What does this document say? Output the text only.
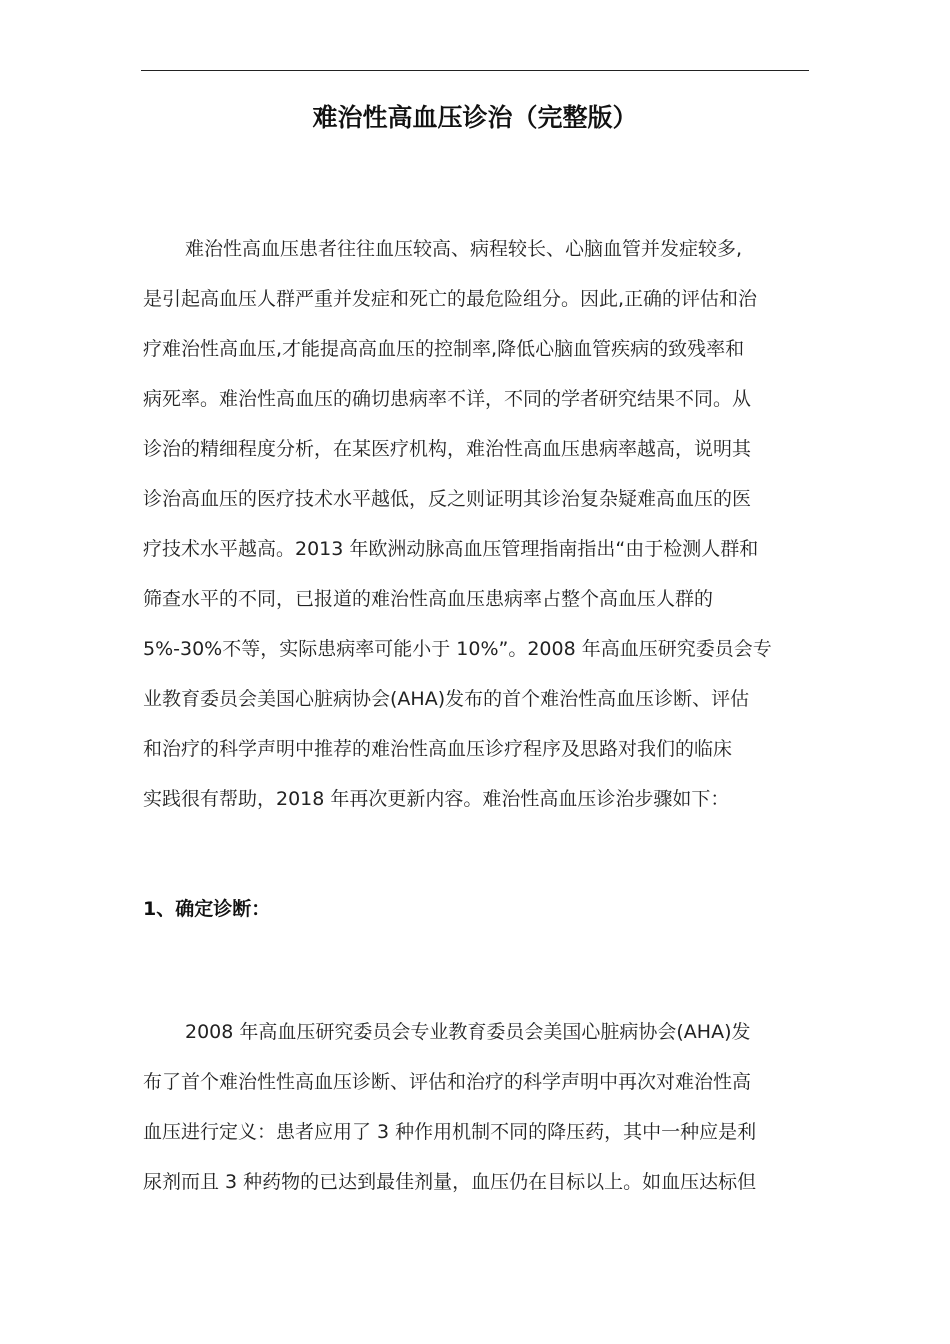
难治性高血压诊治（完整版）
难治性高血压患者往往血压较高、病程较长、心脑血管并发症较多,
是引起高血压人群严重并发症和死亡的最危险组分。因此,正确的评估和治
疗难治性高血压,才能提高高血压的控制率,降低心脑血管疾病的致残率和
病死率。难治性高血压的确切患病率不详，不同的学者研究结果不同。从
诊治的精细程度分析，在某医疗机构，难治性高血压患病率越高，说明其
诊治高血压的医疗技术水平越低，反之则证明其诊治复杂疑难高血压的医
疗技术水平越高。2013 年欧洲动脉高血压管理指南指出“由于检测人群和
筛查水平的不同，已报道的难治性高血压患病率占整个高血压人群的
5%-30%不等，实际患病率可能小于 10%”。2008 年高血压研究委员会专
业教育委员会美国心脏病协会(AHA)发布的首个难治性高血压诊断、评估
和治疗的科学声明中推荐的难治性高血压诊疗程序及思路对我们的临床
实践很有帮助，2018 年再次更新内容。难治性高血压诊治步骤如下：
1、确定诊断：
2008 年高血压研究委员会专业教育委员会美国心脏病协会(AHA)发
布了首个难治性性高血压诊断、评估和治疗的科学声明中再次对难治性高
血压进行定义：患者应用了 3 种作用机制不同的降压药，其中一种应是利
尿剂而且 3 种药物的已达到最佳剂量，血压仍在目标以上。如血压达标但
